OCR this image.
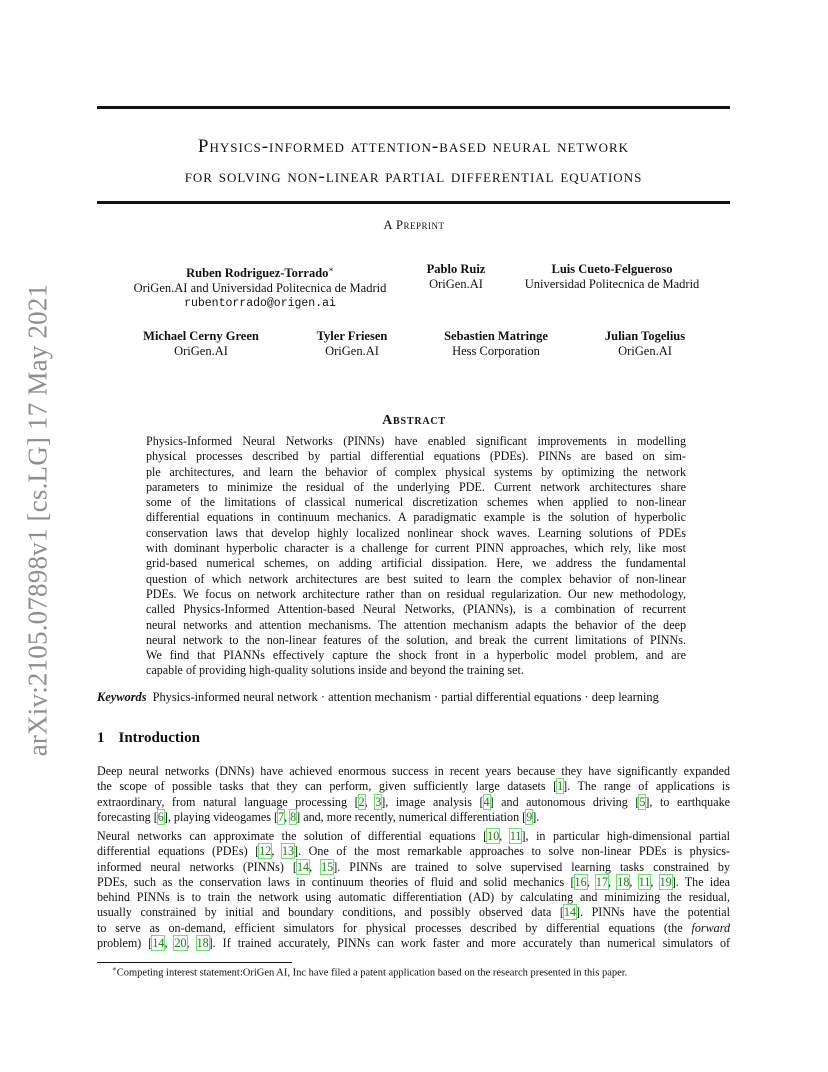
arXiv:2105.07898v1 [cs.LG] 17 May 2021
Physics-informed attention-based neural network
for solving non-linear partial differential equations
A Preprint
Ruben Rodriguez-Torrado∗
OriGen.AI and Universidad Politecnica de Madrid
rubentorrado@origen.ai
Pablo Ruiz
OriGen.AI
Luis Cueto-Felgueroso
Universidad Politecnica de Madrid
Michael Cerny Green
OriGen.AI
Tyler Friesen
OriGen.AI
Sebastien Matringe
Hess Corporation
Julian Togelius
OriGen.AI
Abstract
Physics-Informed Neural Networks (PINNs) have enabled significant improvements in modelling
physical processes described by partial differential equations (PDEs). PINNs are based on sim-
ple architectures, and learn the behavior of complex physical systems by optimizing the network
parameters to minimize the residual of the underlying PDE. Current network architectures share
some of the limitations of classical numerical discretization schemes when applied to non-linear
differential equations in continuum mechanics. A paradigmatic example is the solution of hyperbolic
conservation laws that develop highly localized nonlinear shock waves. Learning solutions of PDEs
with dominant hyperbolic character is a challenge for current PINN approaches, which rely, like most
grid-based numerical schemes, on adding artificial dissipation. Here, we address the fundamental
question of which network architectures are best suited to learn the complex behavior of non-linear
PDEs. We focus on network architecture rather than on residual regularization. Our new methodology,
called Physics-Informed Attention-based Neural Networks, (PIANNs), is a combination of recurrent
neural networks and attention mechanisms. The attention mechanism adapts the behavior of the deep
neural network to the non-linear features of the solution, and break the current limitations of PINNs.
We find that PIANNs effectively capture the shock front in a hyperbolic model problem, and are
capable of providing high-quality solutions inside and beyond the training set.
Keywords Physics-informed neural network · attention mechanism · partial differential equations · deep learning
1 Introduction
Deep neural networks (DNNs) have achieved enormous success in recent years because they have significantly expanded
the scope of possible tasks that they can perform, given sufficiently large datasets [1]. The range of applications is
extraordinary, from natural language processing [2, 3], image analysis [4] and autonomous driving [5], to earthquake
forecasting [6], playing videogames [7, 8] and, more recently, numerical differentiation [9].
Neural networks can approximate the solution of differential equations [10, 11], in particular high-dimensional partial
differential equations (PDEs) [12, 13]. One of the most remarkable approaches to solve non-linear PDEs is physics-
informed neural networks (PINNs) [14, 15]. PINNs are trained to solve supervised learning tasks constrained by
PDEs, such as the conservation laws in continuum theories of fluid and solid mechanics [16, 17, 18, 11, 19]. The idea
behind PINNs is to train the network using automatic differentiation (AD) by calculating and minimizing the residual,
usually constrained by initial and boundary conditions, and possibly observed data [14]. PINNs have the potential
to serve as on-demand, efficient simulators for physical processes described by differential equations (the forward
problem) [14, 20, 18]. If trained accurately, PINNs can work faster and more accurately than numerical simulators of
∗Competing interest statement:OriGen AI, Inc have filed a patent application based on the research presented in this paper.
